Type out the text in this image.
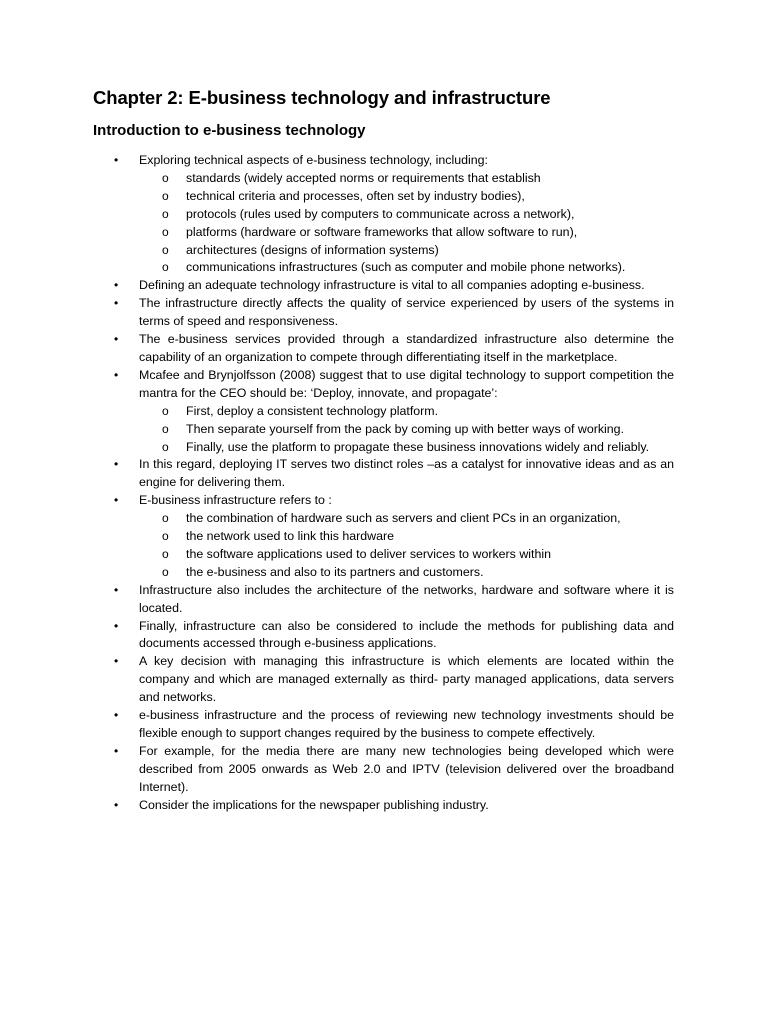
Chapter 2: E-business technology and infrastructure
Introduction to e-business technology
• Exploring technical aspects of e-business technology, including:
o standards (widely accepted norms or requirements that establish
o technical criteria and processes, often set by industry bodies),
o protocols (rules used by computers to communicate across a network),
o platforms (hardware or software frameworks that allow software to run),
o architectures (designs of information systems)
o communications infrastructures (such as computer and mobile phone networks).
• Defining an adequate technology infrastructure is vital to all companies adopting e-business.
• The infrastructure directly affects the quality of service experienced by users of the systems in terms of speed and responsiveness.
• The e-business services provided through a standardized infrastructure also determine the capability of an organization to compete through differentiating itself in the marketplace.
• Mcafee and Brynjolfsson (2008) suggest that to use digital technology to support competition the mantra for the CEO should be: ‘Deploy, innovate, and propagate’:
o First, deploy a consistent technology platform.
o Then separate yourself from the pack by coming up with better ways of working.
o Finally, use the platform to propagate these business innovations widely and reliably.
• In this regard, deploying IT serves two distinct roles –as a catalyst for innovative ideas and as an engine for delivering them.
• E-business infrastructure refers to :
o the combination of hardware such as servers and client PCs in an organization,
o the network used to link this hardware
o the software applications used to deliver services to workers within
o the e-business and also to its partners and customers.
• Infrastructure also includes the architecture of the networks, hardware and software where it is located.
• Finally, infrastructure can also be considered to include the methods for publishing data and documents accessed through e-business applications.
• A key decision with managing this infrastructure is which elements are located within the company and which are managed externally as third- party managed applications, data servers and networks.
• e-business infrastructure and the process of reviewing new technology investments should be flexible enough to support changes required by the business to compete effectively.
• For example, for the media there are many new technologies being developed which were described from 2005 onwards as Web 2.0 and IPTV (television delivered over the broadband Internet).
• Consider the implications for the newspaper publishing industry.
